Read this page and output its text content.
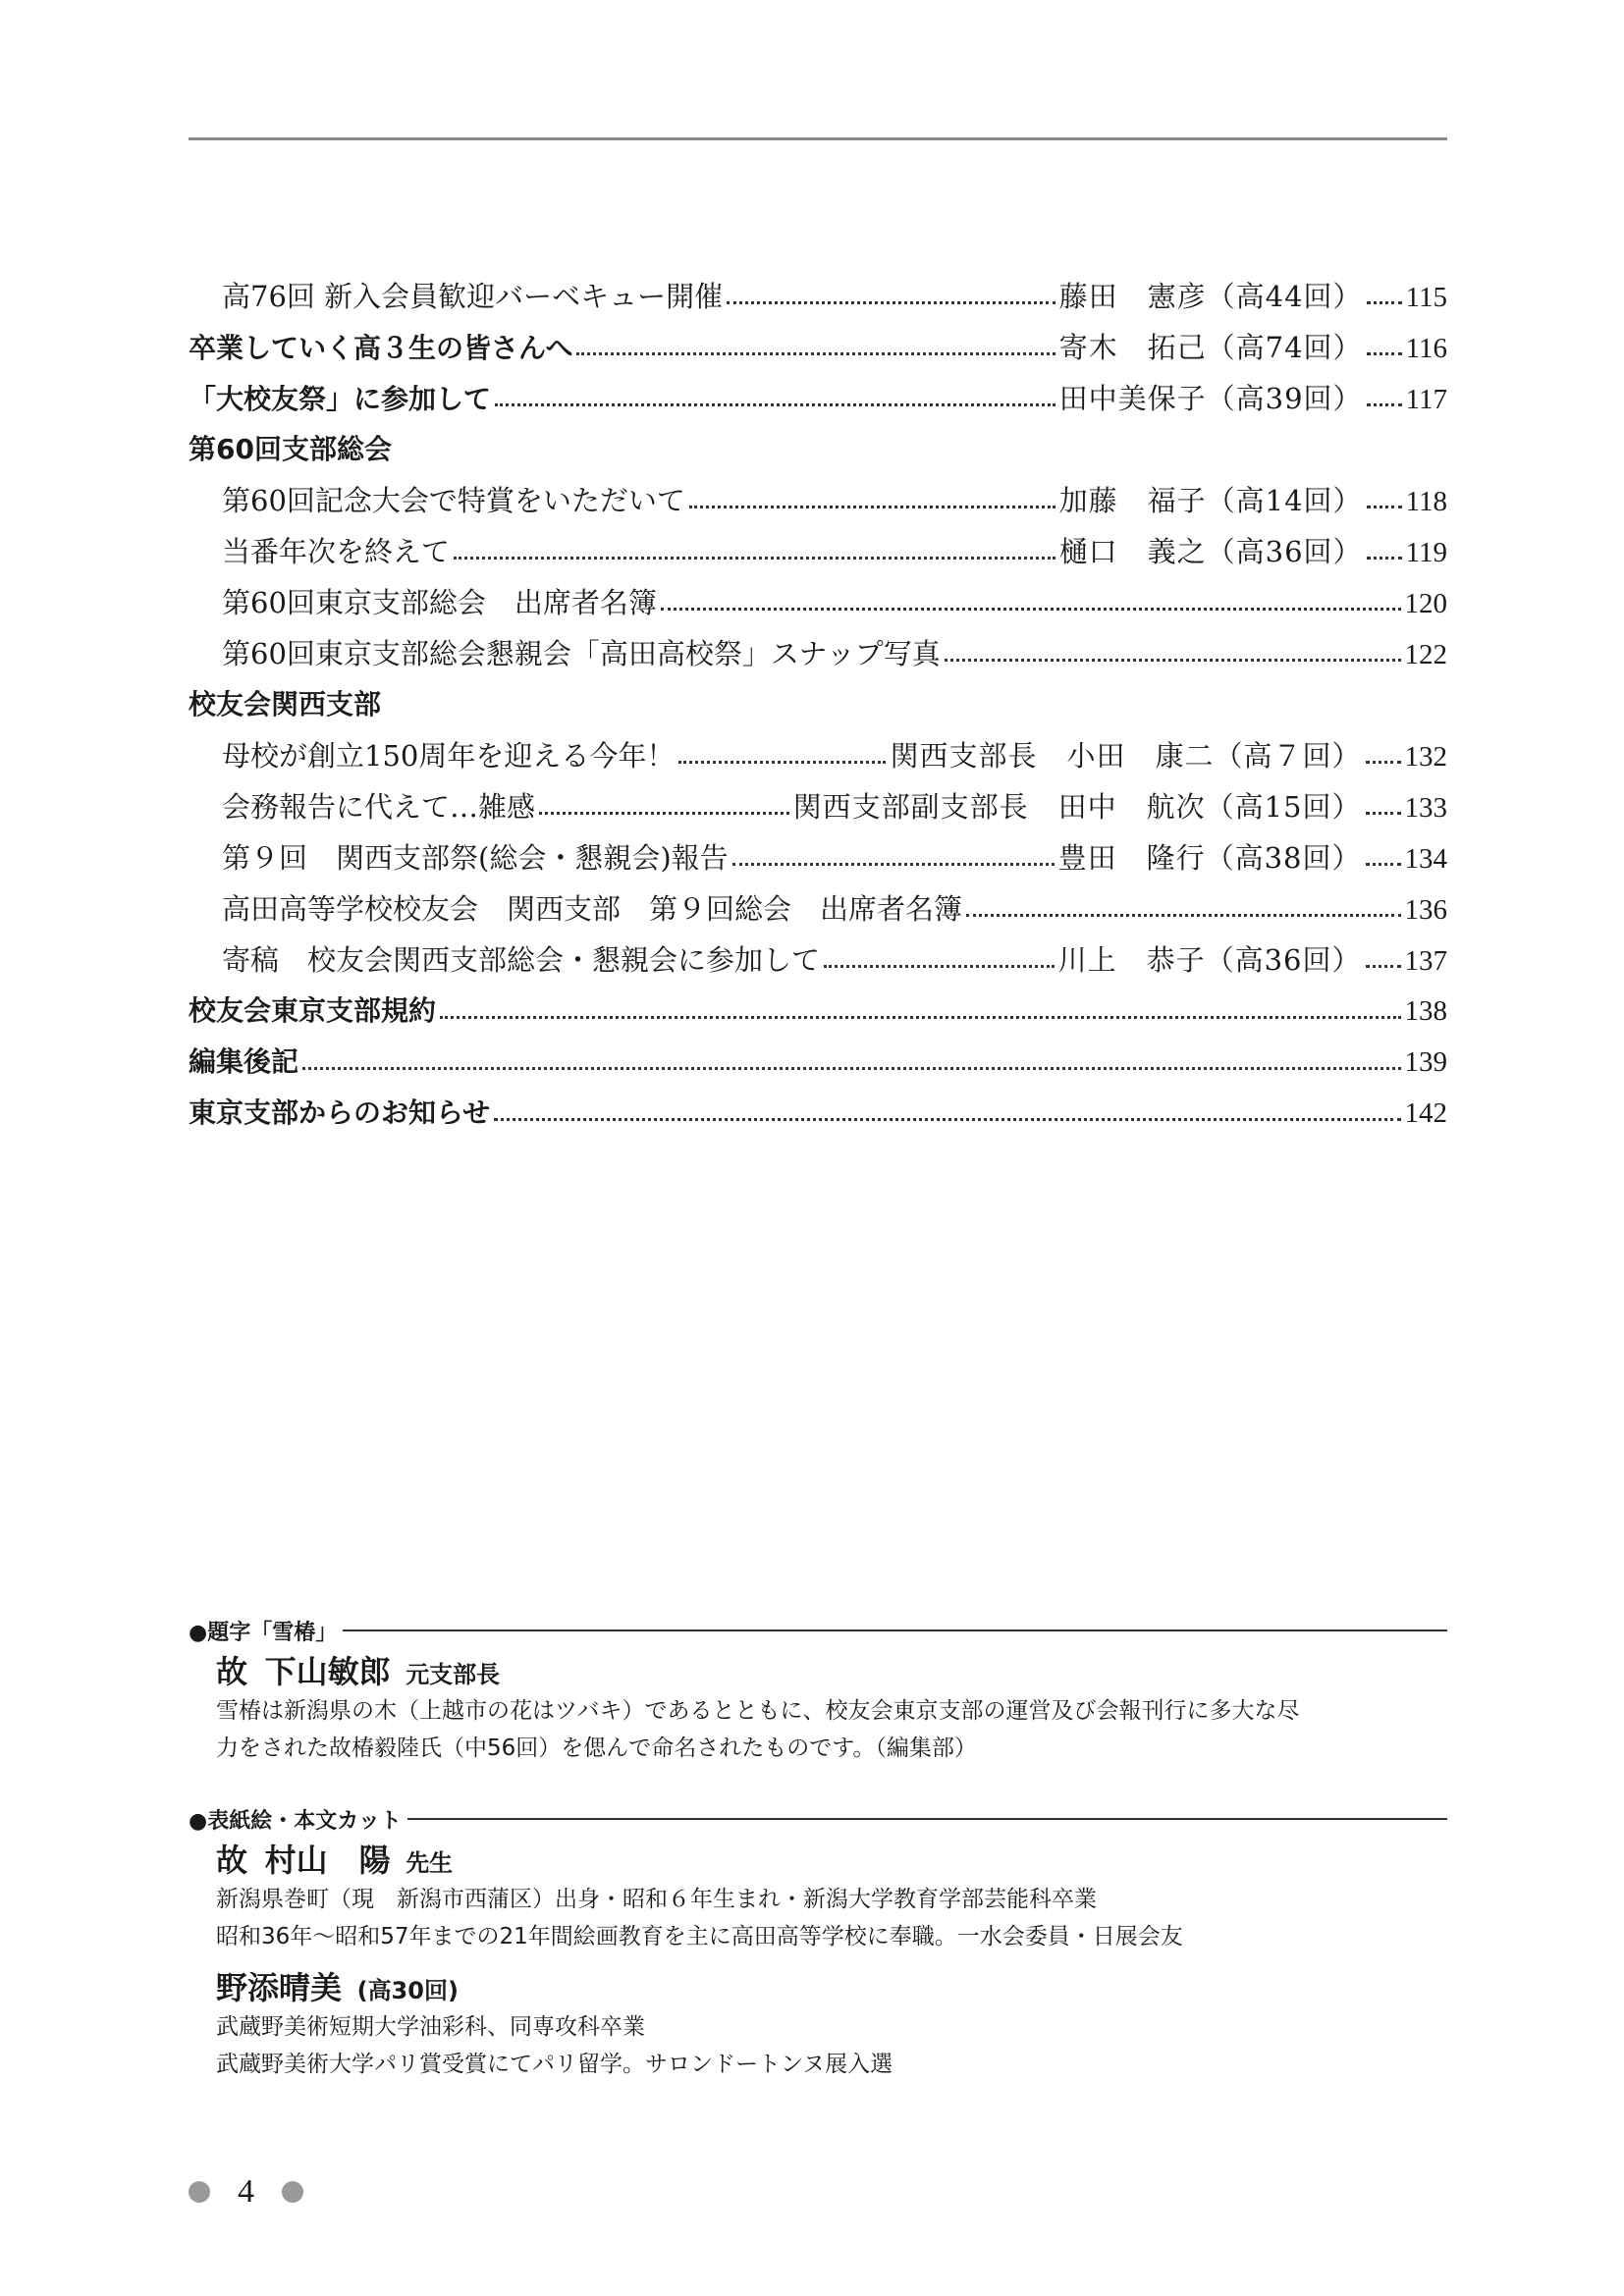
高76回 新入会員歓迎バーベキュー開催	藤田　憲彦（高44回） 115
卒業していく高３生の皆さんへ	寄木　拓己（高74回） 116
「大校友祭」に参加して	田中美保子（高39回） 117
第60回支部総会
第60回記念大会で特賞をいただいて	加藤　福子（高14回） 118
当番年次を終えて	樋口　義之（高36回） 119
第60回東京支部総会　出席者名簿	120
第60回東京支部総会懇親会「高田高校祭」スナップ写真	122
校友会関西支部
母校が創立150周年を迎える今年！	関西支部長　小田　康二（高７回） 132
会務報告に代えて…雑感	関西支部副支部長　田中　航次（高15回） 133
第９回　関西支部祭(総会・懇親会)報告	豊田　隆行（高38回） 134
高田高等学校校友会　関西支部　第９回総会　出席者名簿	136
寄稿　校友会関西支部総会・懇親会に参加して	川上　恭子（高36回） 137
校友会東京支部規約	138
編集後記	139
東京支部からのお知らせ	142
●題字「雪椿」
故 下山敏郎 元支部長
雪椿は新潟県の木（上越市の花はツバキ）であるとともに、校友会東京支部の運営及び会報刊行に多大な尽
力をされた故椿毅陸氏（中56回）を偲んで命名されたものです。（編集部）
●表紙絵・本文カット
故 村山　陽 先生
新潟県巻町（現　新潟市西蒲区）出身・昭和６年生まれ・新潟大学教育学部芸能科卒業
昭和36年～昭和57年までの21年間絵画教育を主に高田高等学校に奉職。一水会委員・日展会友
野添晴美 (高30回)
武蔵野美術短期大学油彩科、同専攻科卒業
武蔵野美術大学パリ賞受賞にてパリ留学。サロンドートンヌ展入選
4
